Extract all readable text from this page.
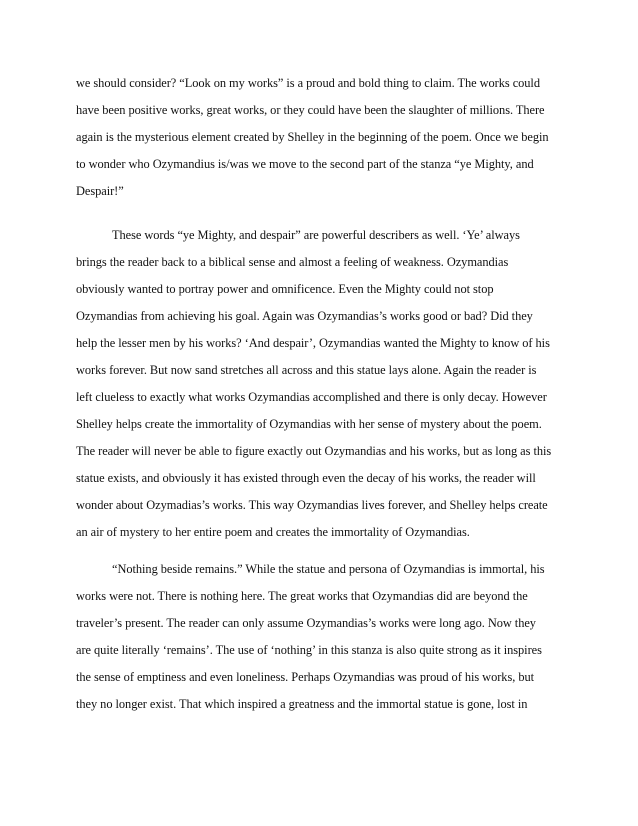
we should consider? “Look on my works” is a proud and bold thing to claim. The works could
have been positive works, great works, or they could have been the slaughter of millions. There
again is the mysterious element created by Shelley in the beginning of the poem. Once we begin
to wonder who Ozymandius is/was we move to the second part of the stanza “ye Mighty, and
Despair!”
These words “ye Mighty, and despair” are powerful describers as well. ‘Ye’ always
brings the reader back to a biblical sense and almost a feeling of weakness. Ozymandias
obviously wanted to portray power and omnificence. Even the Mighty could not stop
Ozymandias from achieving his goal. Again was Ozymandias’s works good or bad? Did they
help the lesser men by his works? ‘And despair’, Ozymandias wanted the Mighty to know of his
works forever. But now sand stretches all across and this statue lays alone. Again the reader is
left clueless to exactly what works Ozymandias accomplished and there is only decay. However
Shelley helps create the immortality of Ozymandias with her sense of mystery about the poem.
The reader will never be able to figure exactly out Ozymandias and his works, but as long as this
statue exists, and obviously it has existed through even the decay of his works, the reader will
wonder about Ozymadias’s works. This way Ozymandias lives forever, and Shelley helps create
an air of mystery to her entire poem and creates the immortality of Ozymandias.
“Nothing beside remains.” While the statue and persona of Ozymandias is immortal, his
works were not. There is nothing here. The great works that Ozymandias did are beyond the
traveler’s present. The reader can only assume Ozymandias’s works were long ago. Now they
are quite literally ‘remains’. The use of ‘nothing’ in this stanza is also quite strong as it inspires
the sense of emptiness and even loneliness. Perhaps Ozymandias was proud of his works, but
they no longer exist. That which inspired a greatness and the immortal statue is gone, lost in
